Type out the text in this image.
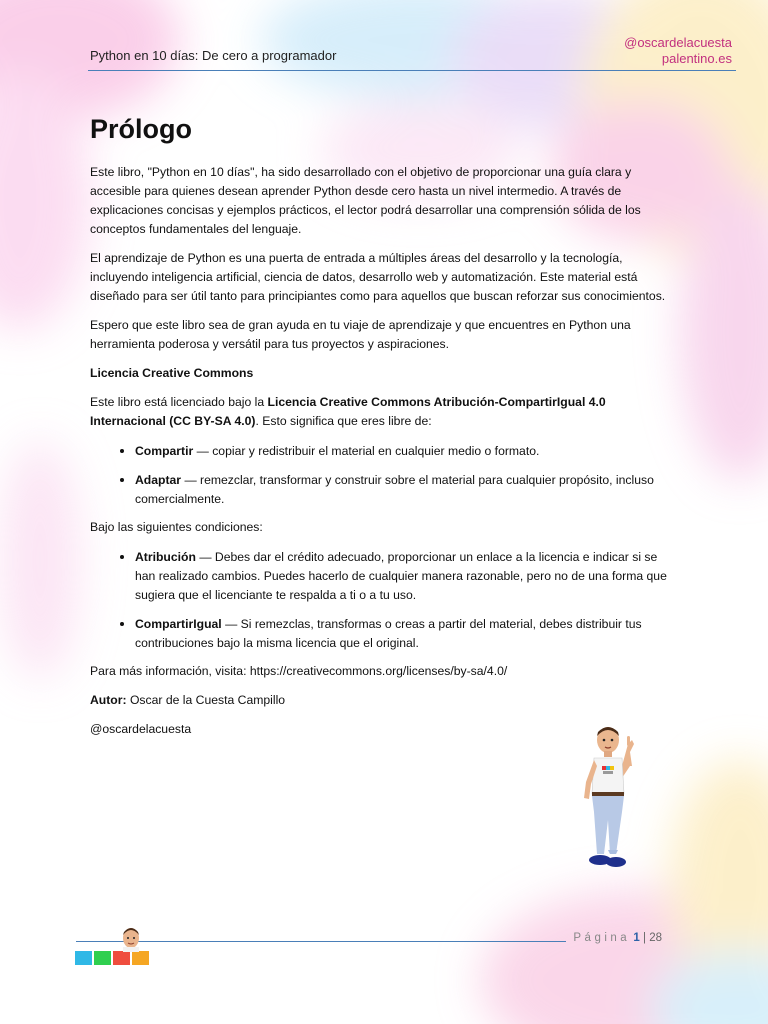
Python en 10 días: De cero a programador
@oscardelacuesta
palentino.es
Prólogo

Este libro, "Python en 10 días", ha sido desarrollado con el objetivo de proporcionar una guía clara y accesible para quienes desean aprender Python desde cero hasta un nivel intermedio. A través de explicaciones concisas y ejemplos prácticos, el lector podrá desarrollar una comprensión sólida de los conceptos fundamentales del lenguaje.

El aprendizaje de Python es una puerta de entrada a múltiples áreas del desarrollo y la tecnología, incluyendo inteligencia artificial, ciencia de datos, desarrollo web y automatización. Este material está diseñado para ser útil tanto para principiantes como para aquellos que buscan reforzar sus conocimientos.

Espero que este libro sea de gran ayuda en tu viaje de aprendizaje y que encuentres en Python una herramienta poderosa y versátil para tus proyectos y aspiraciones.

Licencia Creative Commons

Este libro está licenciado bajo la Licencia Creative Commons Atribución-CompartirIgual 4.0 Internacional (CC BY-SA 4.0). Esto significa que eres libre de:

• Compartir — copiar y redistribuir el material en cualquier medio o formato.
• Adaptar — remezclar, transformar y construir sobre el material para cualquier propósito, incluso comercialmente.

Bajo las siguientes condiciones:

• Atribución — Debes dar el crédito adecuado, proporcionar un enlace a la licencia e indicar si se han realizado cambios. Puedes hacerlo de cualquier manera razonable, pero no de una forma que sugiera que el licenciante te respalda a ti o a tu uso.
• CompartirIgual — Si remezclas, transformas o creas a partir del material, debes distribuir tus contribuciones bajo la misma licencia que el original.

Para más información, visita: https://creativecommons.org/licenses/by-sa/4.0/

Autor: Oscar de la Cuesta Campillo

@oscardelacuesta

Página 1 | 28
